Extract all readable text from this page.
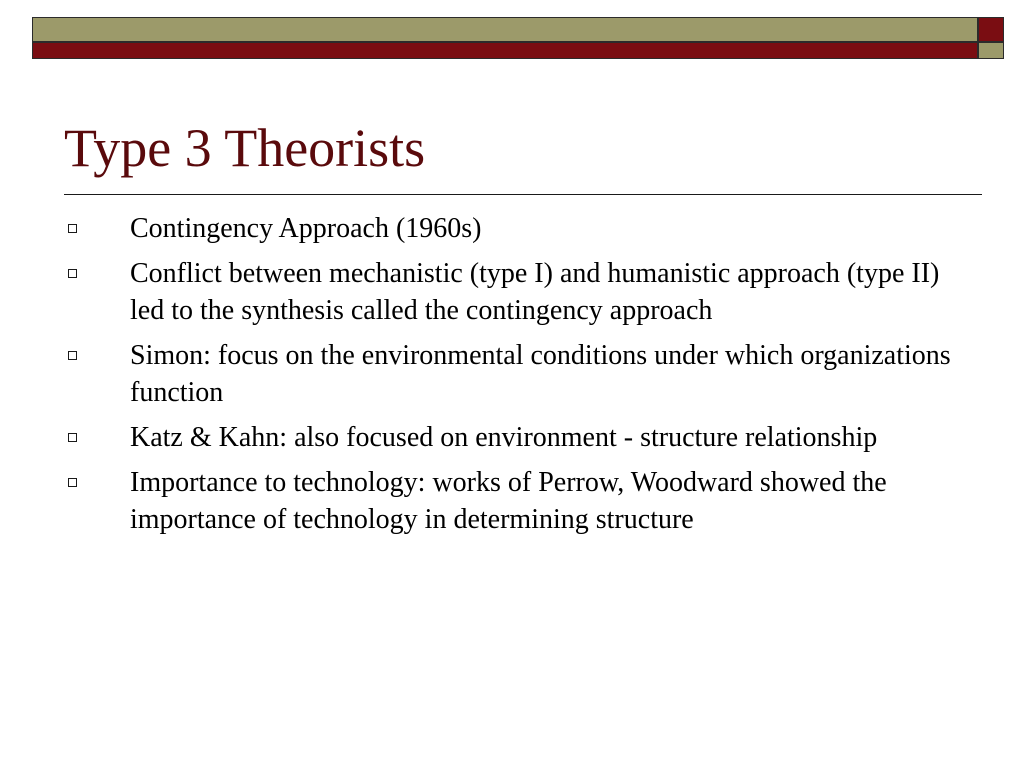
Type 3 Theorists
Contingency Approach (1960s)
Conflict between mechanistic (type I) and humanistic approach (type II) led to the synthesis called the contingency approach
Simon: focus on the environmental conditions under which organizations function
Katz & Kahn: also focused on environment - structure relationship
Importance to technology: works of Perrow, Woodward showed the importance of technology in determining structure
